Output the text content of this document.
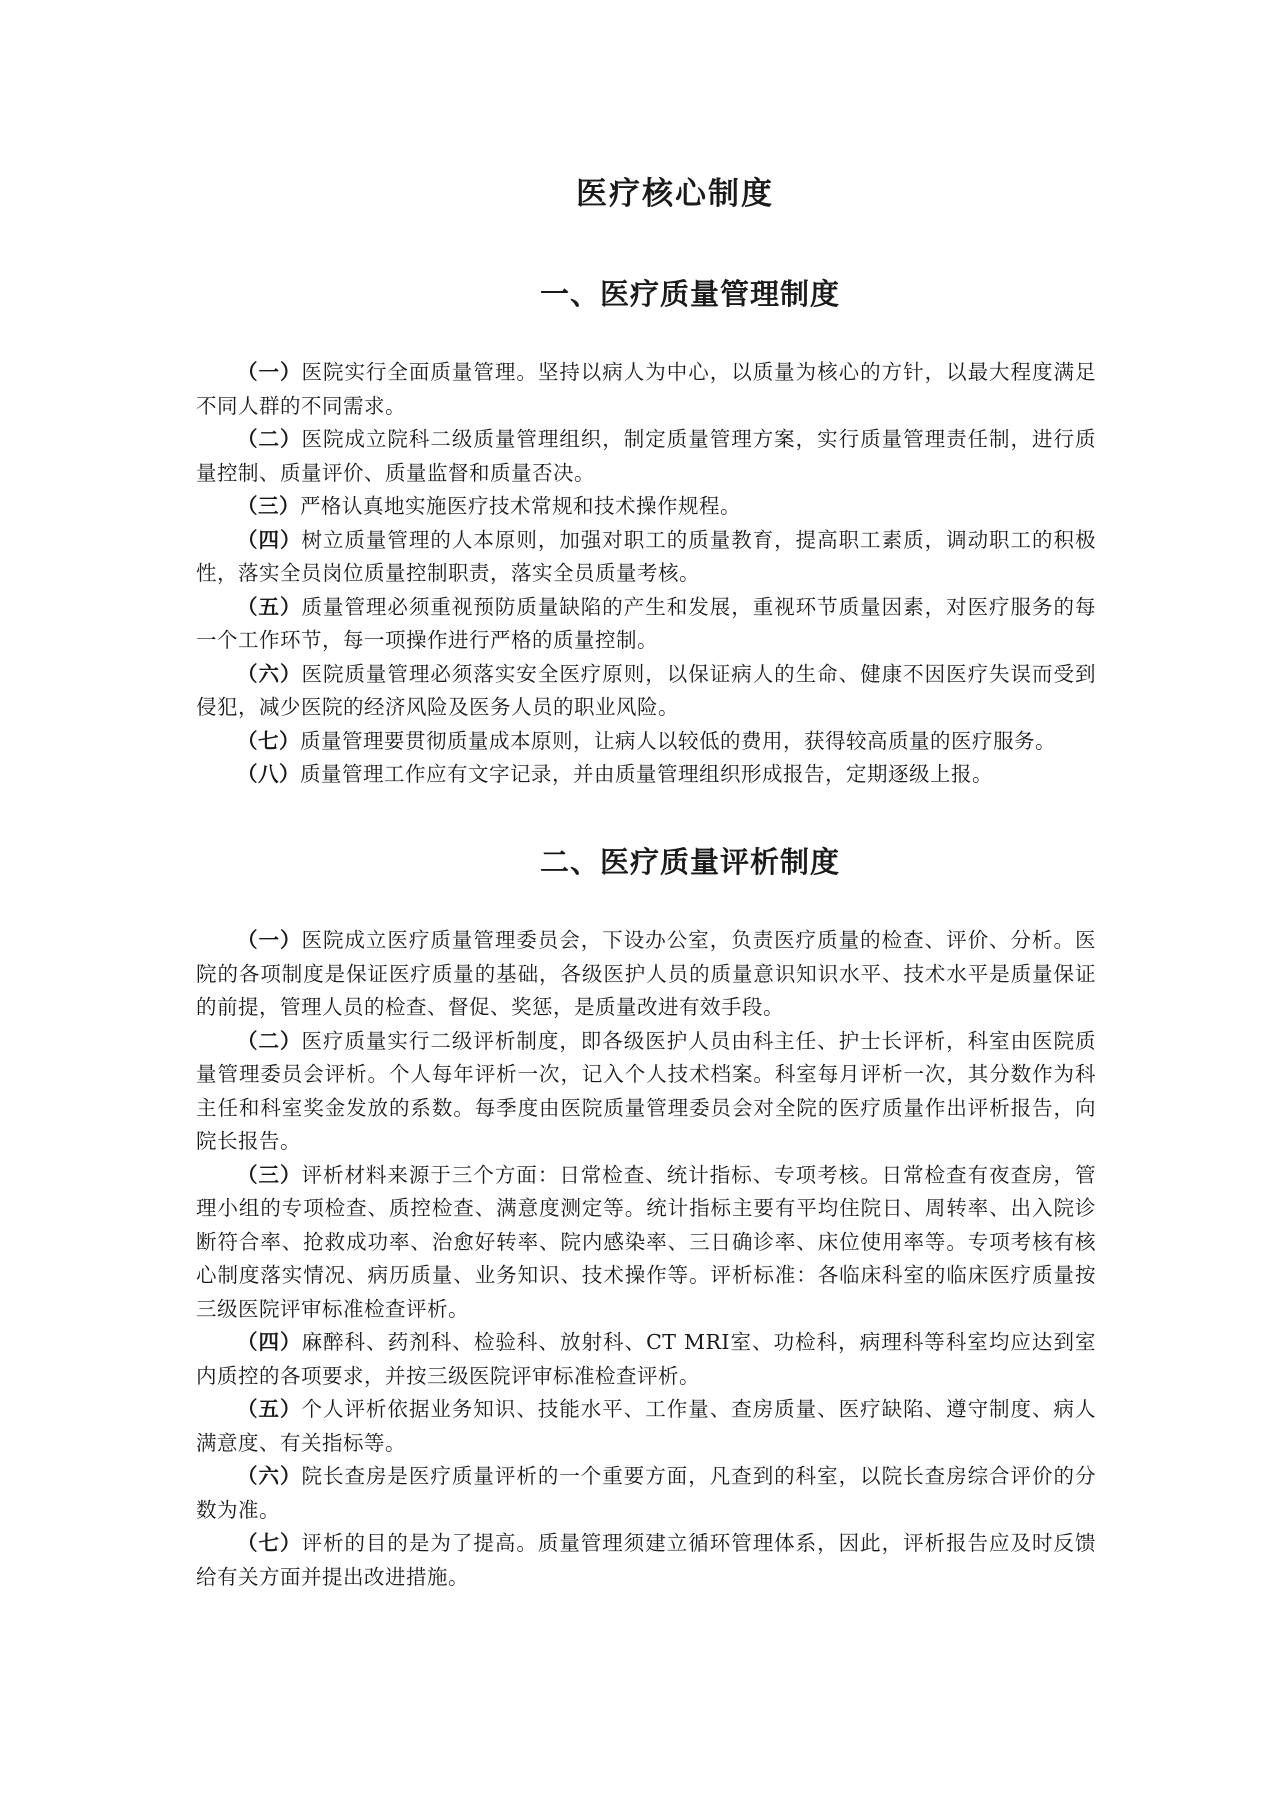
医疗核心制度
一、医疗质量管理制度

（一）医院实行全面质量管理。坚持以病人为中心，以质量为核心的方针，以最大程度满足不同人群的不同需求。

（二）医院成立院科二级质量管理组织，制定质量管理方案，实行质量管理责任制，进行质量控制、质量评价、质量监督和质量否决。

（三）严格认真地实施医疗技术常规和技术操作规程。

（四）树立质量管理的人本原则，加强对职工的质量教育，提高职工素质，调动职工的积极性，落实全员岗位质量控制职责，落实全员质量考核。

（五）质量管理必须重视预防质量缺陷的产生和发展，重视环节质量因素，对医疗服务的每一个工作环节，每一项操作进行严格的质量控制。

（六）医院质量管理必须落实安全医疗原则，以保证病人的生命、健康不因医疗失误而受到侵犯，减少医院的经济风险及医务人员的职业风险。

（七）质量管理要贯彻质量成本原则，让病人以较低的费用，获得较高质量的医疗服务。

（八）质量管理工作应有文字记录，并由质量管理组织形成报告，定期逐级上报。

二、医疗质量评析制度

（一）医院成立医疗质量管理委员会，下设办公室，负责医疗质量的检查、评价、分析。医院的各项制度是保证医疗质量的基础，各级医护人员的质量意识知识水平、技术水平是质量保证的前提，管理人员的检查、督促、奖惩，是质量改进有效手段。

（二）医疗质量实行二级评析制度，即各级医护人员由科主任、护士长评析，科室由医院质量管理委员会评析。个人每年评析一次，记入个人技术档案。科室每月评析一次，其分数作为科主任和科室奖金发放的系数。每季度由医院质量管理委员会对全院的医疗质量作出评析报告，向院长报告。

（三）评析材料来源于三个方面：日常检查、统计指标、专项考核。日常检查有夜查房，管理小组的专项检查、质控检查、满意度测定等。统计指标主要有平均住院日、周转率、出入院诊断符合率、抢救成功率、治愈好转率、院内感染率、三日确诊率、床位使用率等。专项考核有核心制度落实情况、病历质量、业务知识、技术操作等。评析标准：各临床科室的临床医疗质量按三级医院评审标准检查评析。

（四）麻醉科、药剂科、检验科、放射科、CT MRI室、功检科，病理科等科室均应达到室内质控的各项要求，并按三级医院评审标准检查评析。

（五）个人评析依据业务知识、技能水平、工作量、查房质量、医疗缺陷、遵守制度、病人满意度、有关指标等。

（六）院长查房是医疗质量评析的一个重要方面，凡查到的科室，以院长查房综合评价的分数为准。

（七）评析的目的是为了提高。质量管理须建立循环管理体系，因此，评析报告应及时反馈给有关方面并提出改进措施。
